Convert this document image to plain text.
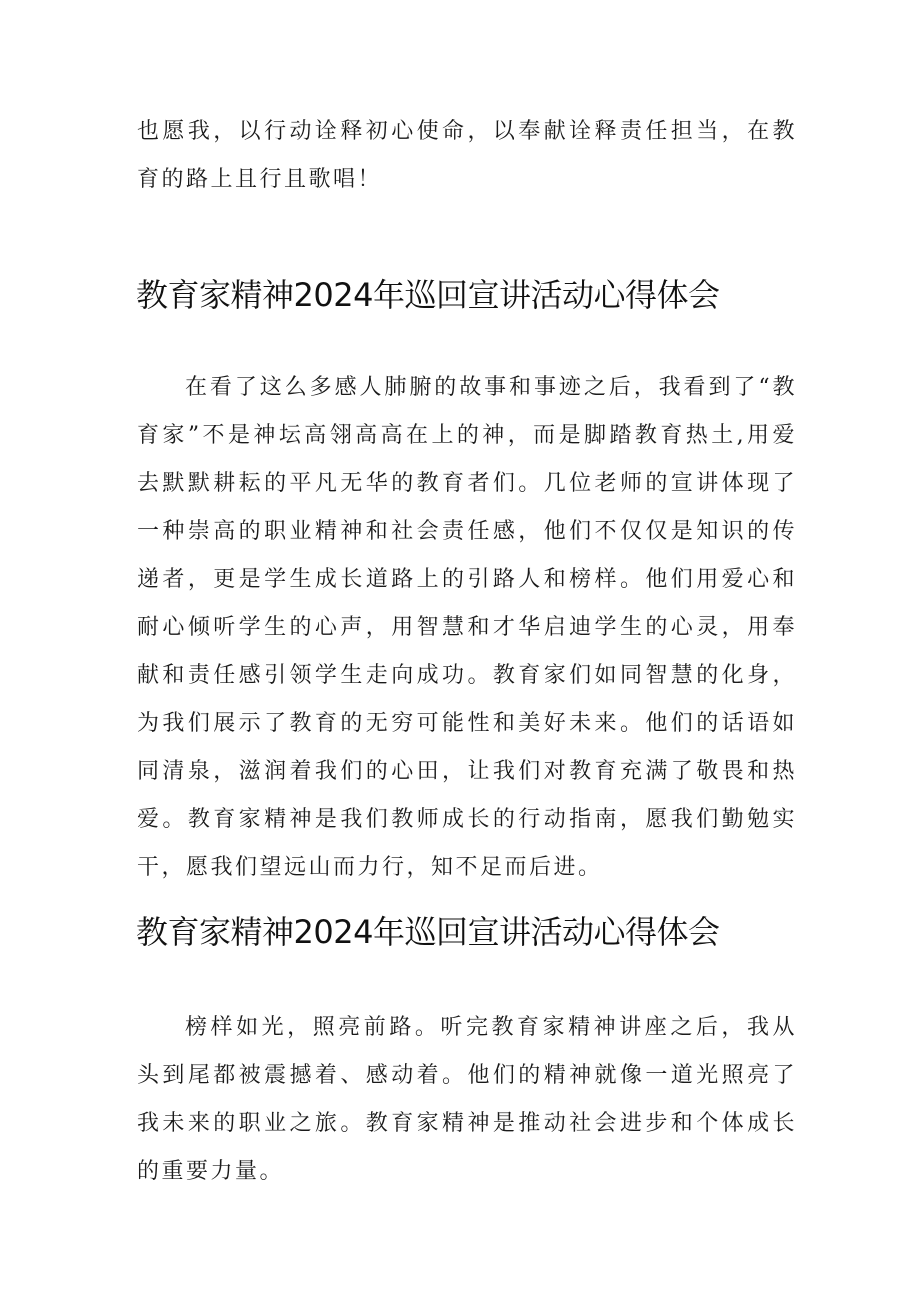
也愿我，以行动诠释初心使命，以奉献诠释责任担当，在教育的路上且行且歌唱！

教育家精神2024年巡回宣讲活动心得体会

在看了这么多感人肺腑的故事和事迹之后，我看到了“教育家”不是神坛高翎高高在上的神，而是脚踏教育热土,用爱去默默耕耘的平凡无华的教育者们。几位老师的宣讲体现了一种崇高的职业精神和社会责任感，他们不仅仅是知识的传递者，更是学生成长道路上的引路人和榜样。他们用爱心和耐心倾听学生的心声，用智慧和才华启迪学生的心灵，用奉献和责任感引领学生走向成功。教育家们如同智慧的化身，为我们展示了教育的无穷可能性和美好未来。他们的话语如同清泉，滋润着我们的心田，让我们对教育充满了敬畏和热爱。教育家精神是我们教师成长的行动指南，愿我们勤勉实干，愿我们望远山而力行，知不足而后进。

教育家精神2024年巡回宣讲活动心得体会

榜样如光，照亮前路。听完教育家精神讲座之后，我从头到尾都被震撼着、感动着。他们的精神就像一道光照亮了我未来的职业之旅。教育家精神是推动社会进步和个体成长的重要力量。
